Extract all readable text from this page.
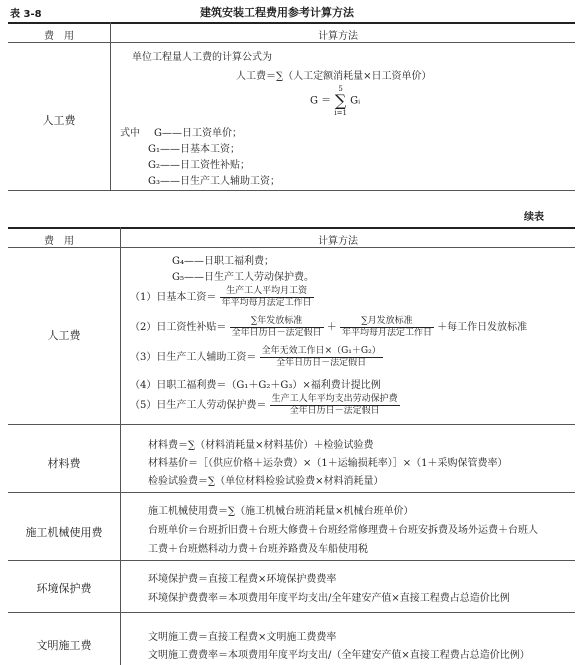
表 3-8	建筑安装工程费用参考计算方法
费　用	计算方法
人工费
单位工程量人工费的计算公式为
人工费＝∑（人工定额消耗量×日工资单价）
G ＝
5
∑
i=1
Gᵢ
式中 G——日工资单价；
G₁——日基本工资；
G₂——日工资性补贴；
G₃——日生产工人辅助工资；
续表
费　用	计算方法
人工费
G₄——日职工福利费；
G₅——日生产工人劳动保护费。
（1）日基本工资＝ $\frac{\text{生产工人平均月工资}}{\text{年平均每月法定工作日}}$
（2）日工资性补贴＝ $\frac{\text{∑年发放标准}}{\text{全年日历日－法定假日}} + \frac{\text{∑月发放标准}}{\text{年平均每月法定工作日}}$ ＋每工作日发放标准
（3）日生产工人辅助工资＝ $\frac{\text{全年无效工作日×（G₁＋G₂）}}{\text{全年日历日－法定假日}}$
（4）日职工福利费＝（G₁＋G₂＋G₃）×福利费计提比例
（5）日生产工人劳动保护费＝ $\frac{\text{生产工人年平均支出劳动保护费}}{\text{全年日历日－法定假日}}$
材料费
材料费＝∑（材料消耗量×材料基价）＋检验试验费
材料基价＝［（供应价格＋运杂费）×（1＋运输损耗率）］×（1＋采购保管费率）
检验试验费＝∑（单位材料检验试验费×材料消耗量）
施工机械使用费
施工机械使用费＝∑（施工机械台班消耗量×机械台班单价）
台班单价＝台班折旧费＋台班大修费＋台班经常修理费＋台班安拆费及场外运费＋台班人
工费＋台班燃料动力费＋台班养路费及车船使用税
环境保护费
环境保护费＝直接工程费×环境保护费费率
环境保护费费率＝本项费用年度平均支出/全年建安产值×直接工程费占总造价比例
文明施工费
文明施工费＝直接工程费×文明施工费费率
文明施工费费率＝本项费用年度平均支出/（全年建安产值×直接工程费占总造价比例）
